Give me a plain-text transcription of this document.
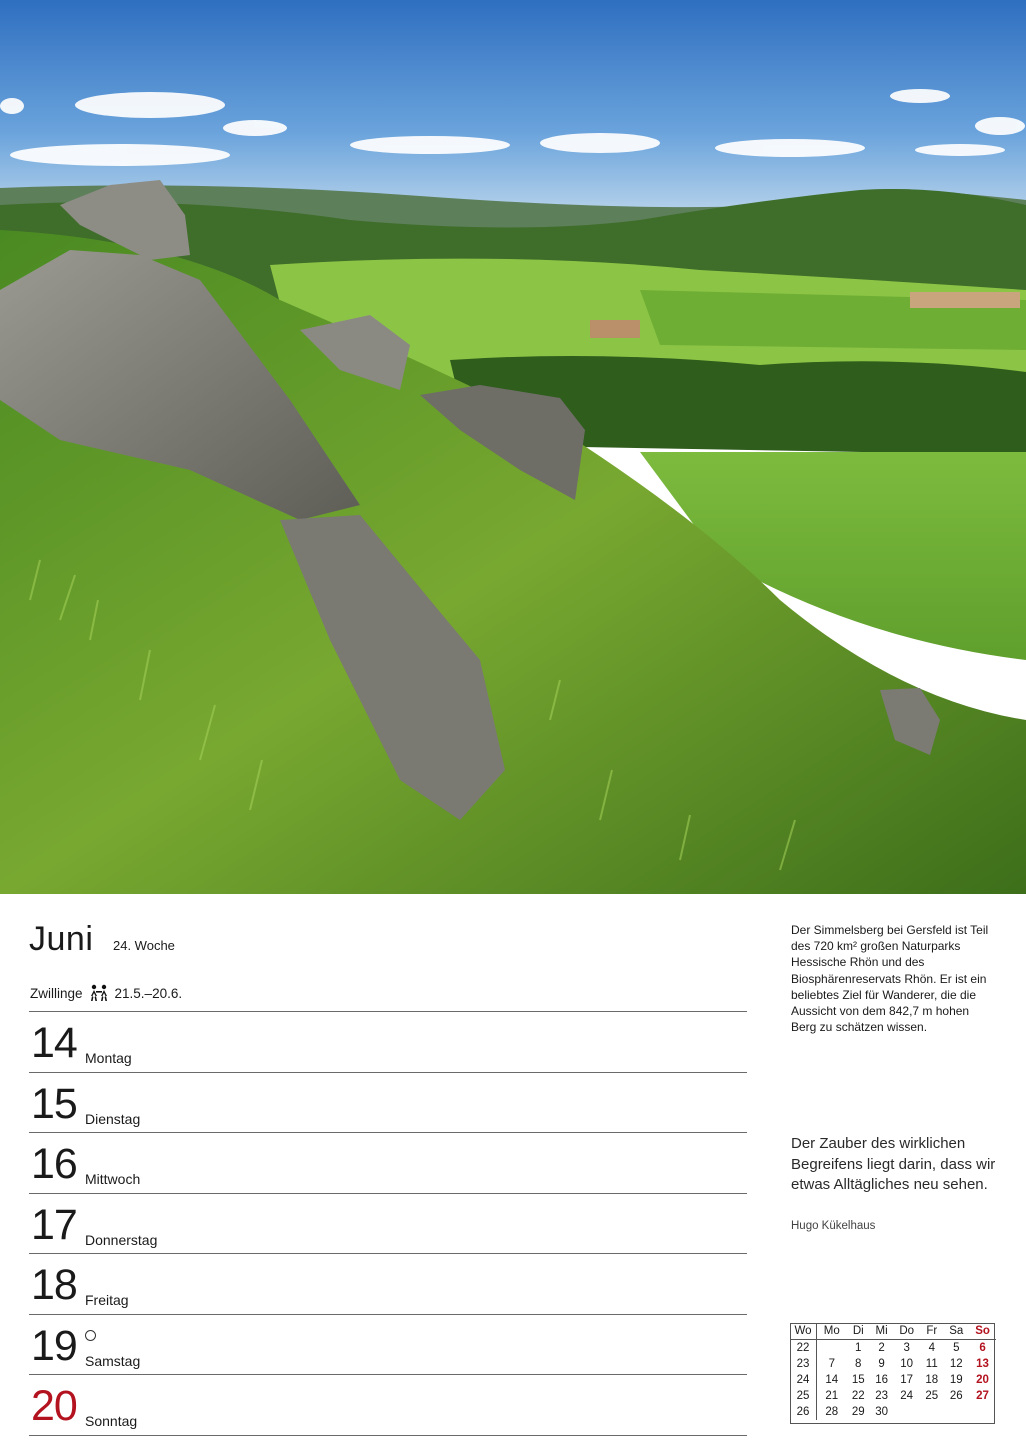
Juni 24. Woche
Zwillinge 21.5.–20.6.
14 Montag
15 Dienstag
16 Mittwoch
17 Donnerstag
18 Freitag
19 Samstag
20 Sonntag
Der Simmelsberg bei Gersfeld ist Teil des 720 km² großen Naturparks Hessische Rhön und des Biosphärenreservats Rhön. Er ist ein beliebtes Ziel für Wanderer, die die Aussicht von dem 842,7 m hohen Berg zu schätzen wissen.
Der Zauber des wirklichen Begreifens liegt darin, dass wir etwas Alltägliches neu sehen.
Hugo Kükelhaus
Wo	Mo	Di	Mi	Do	Fr	Sa	So
22		1	2	3	4	5	6
23	7	8	9	10	11	12	13
24	14	15	16	17	18	19	20
25	21	22	23	24	25	26	27
26	28	29	30				
